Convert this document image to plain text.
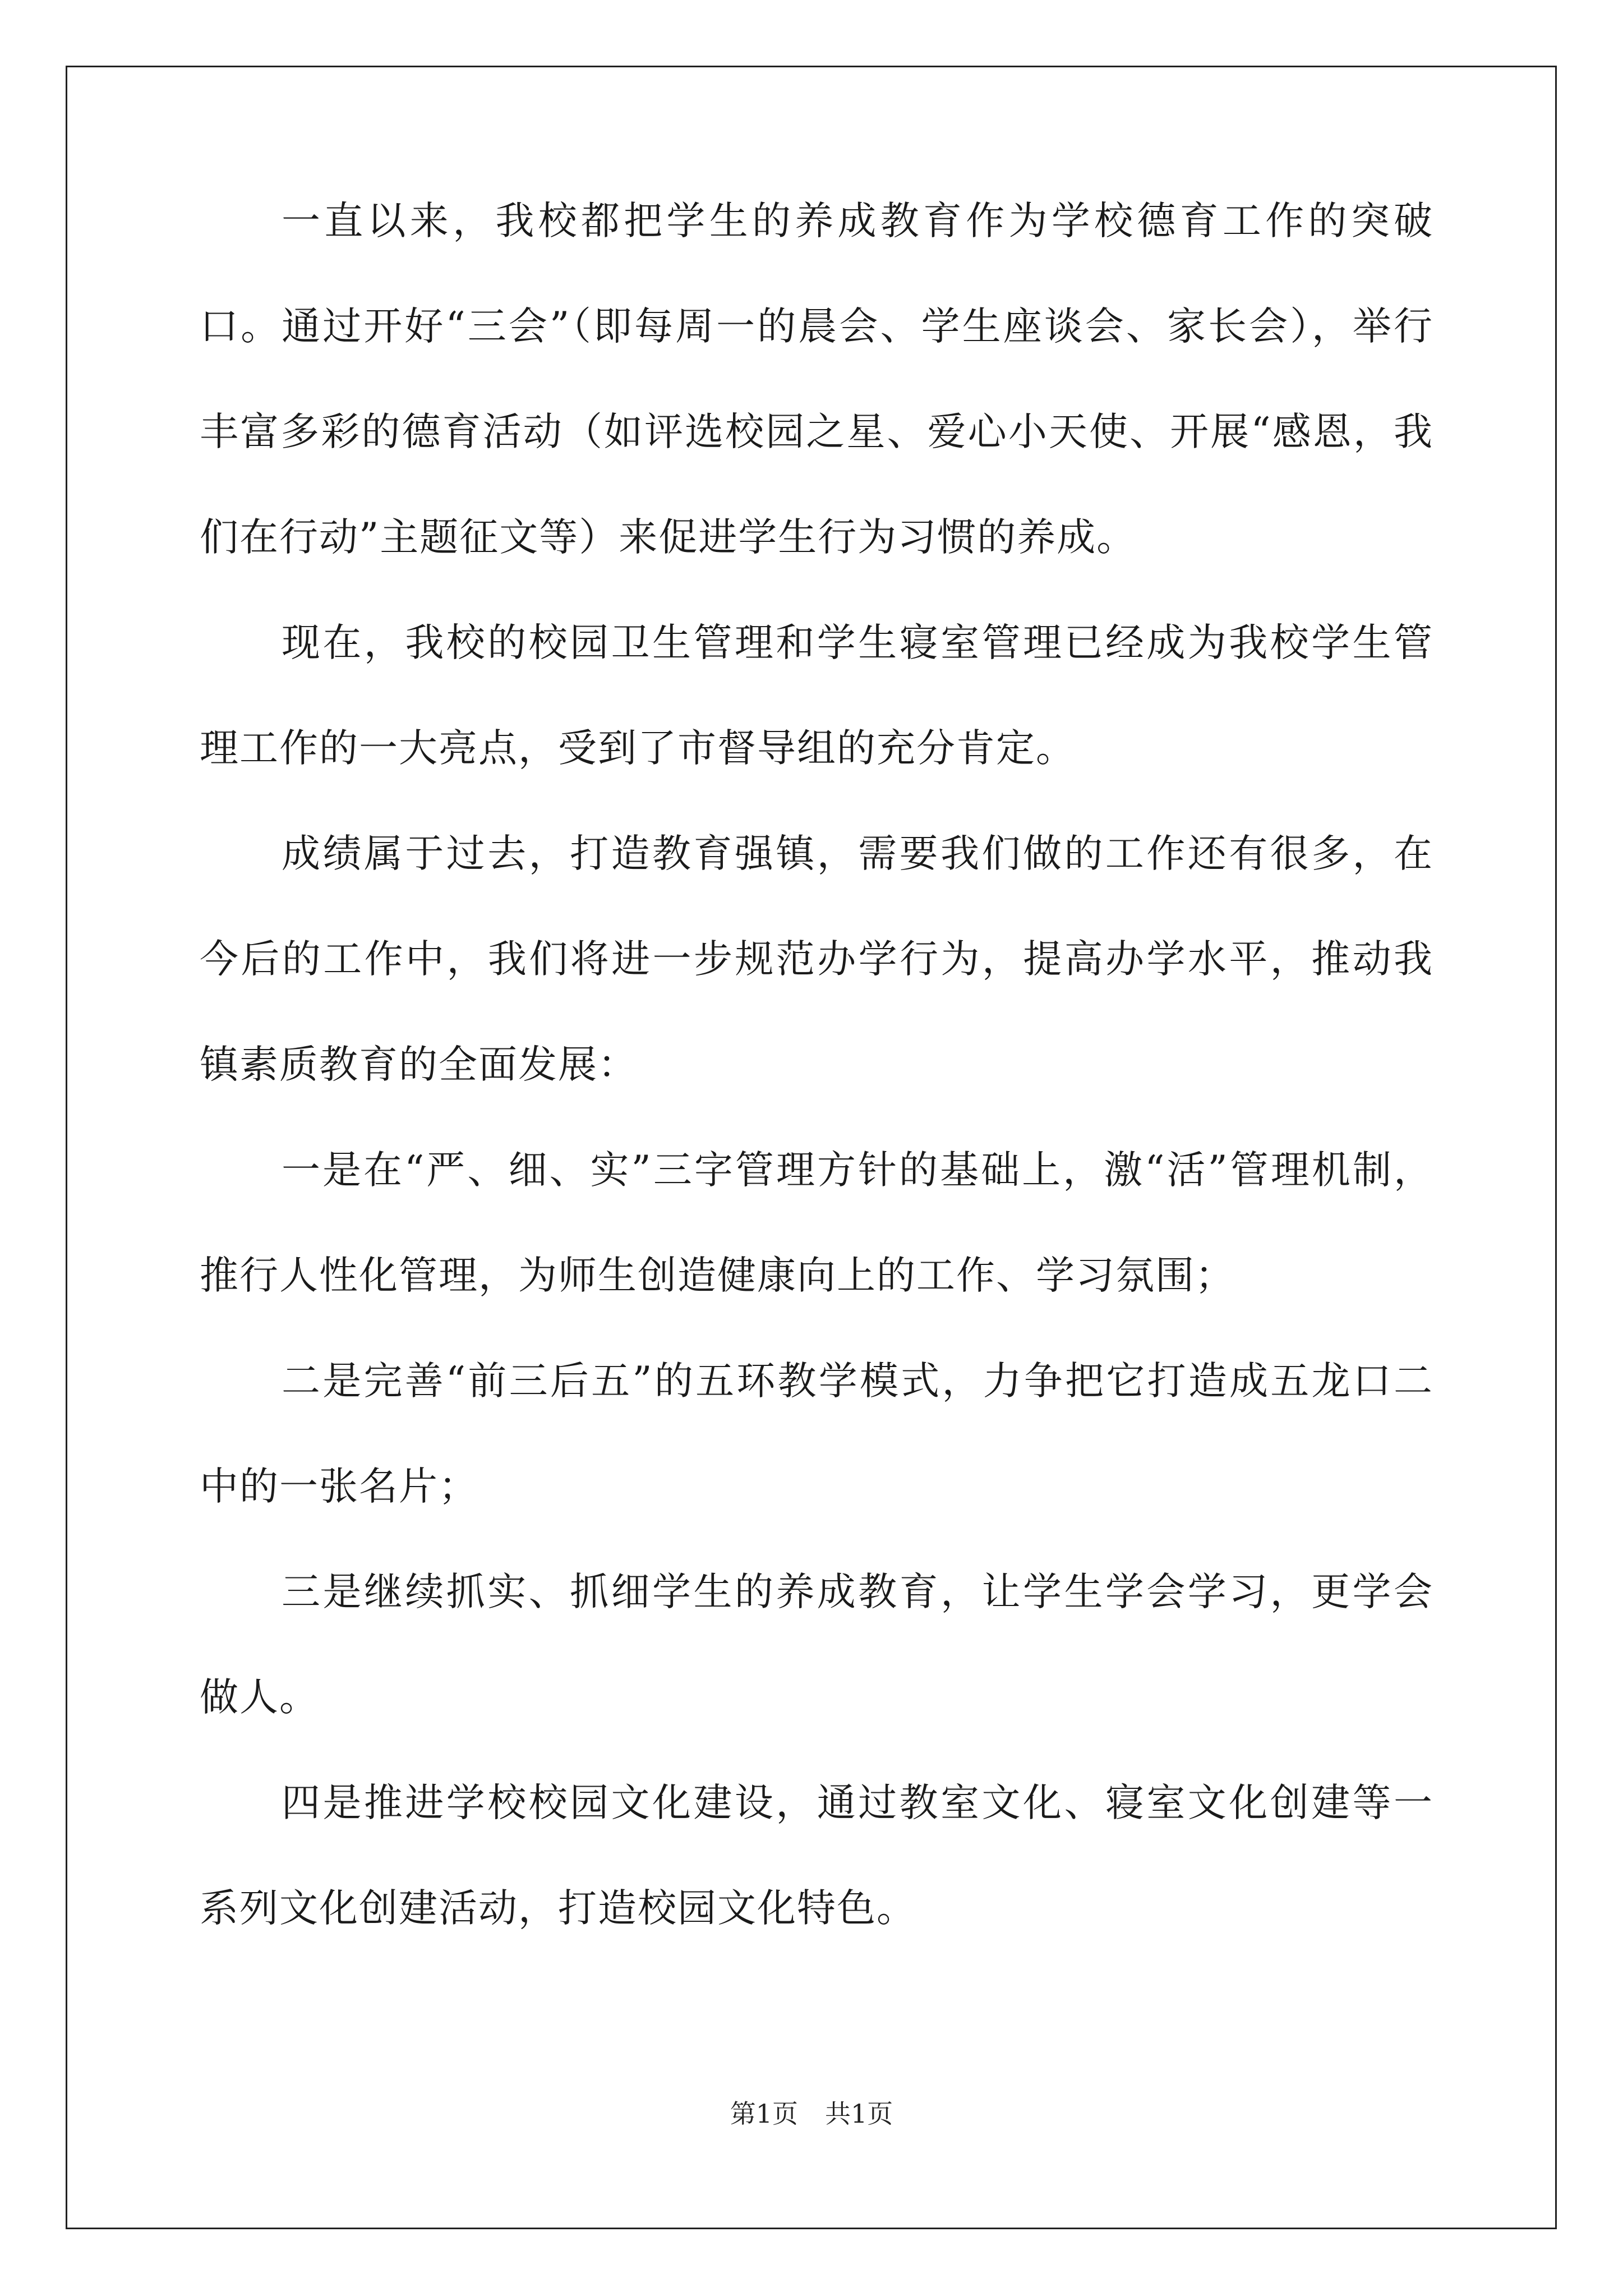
一直以来，我校都把学生的养成教育作为学校德育工作的突破口。通过开好“三会”（即每周一的晨会、学生座谈会、家长会），举行丰富多彩的德育活动（如评选校园之星、爱心小天使、开展“感恩，我们在行动”主题征文等）来促进学生行为习惯的养成。

现在，我校的校园卫生管理和学生寝室管理已经成为我校学生管理工作的一大亮点，受到了市督导组的充分肯定。

成绩属于过去，打造教育强镇，需要我们做的工作还有很多，在今后的工作中，我们将进一步规范办学行为，提高办学水平，推动我镇素质教育的全面发展：

一是在“严、细、实”三字管理方针的基础上，激“活”管理机制，推行人性化管理，为师生创造健康向上的工作、学习氛围；

二是完善“前三后五”的五环教学模式，力争把它打造成五龙口二中的一张名片；

三是继续抓实、抓细学生的养成教育，让学生学会学习，更学会做人。

四是推进学校校园文化建设，通过教室文化、寝室文化创建等一系列文化创建活动，打造校园文化特色。

第1页 共1页
